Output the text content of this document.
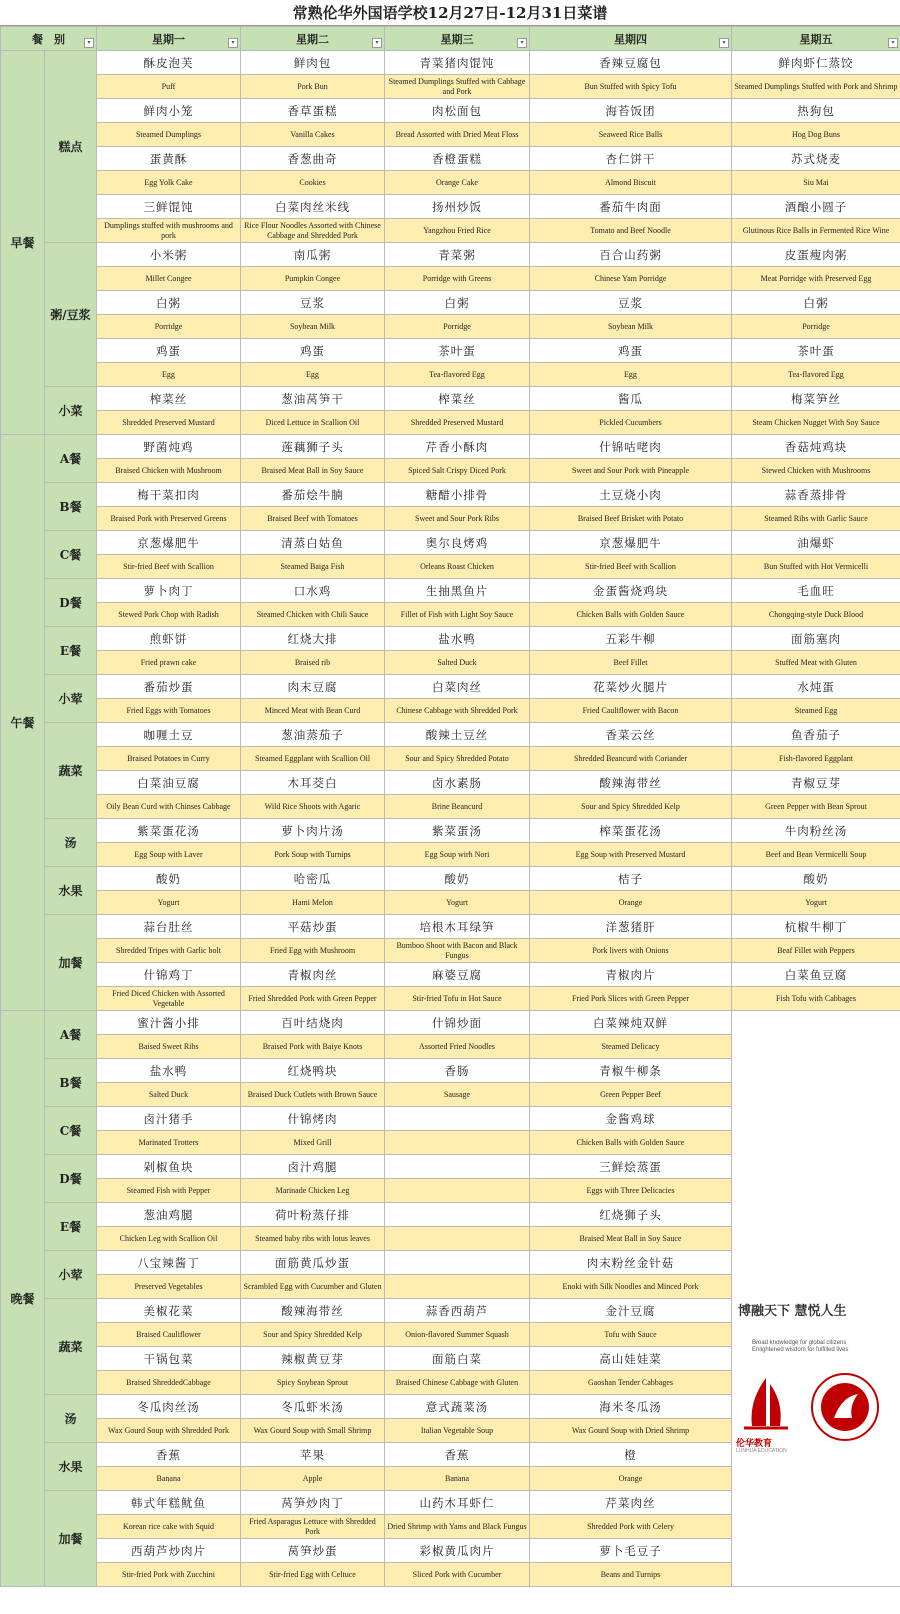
常熟伦华外国语学校12月27日-12月31日菜谱
餐　别 ▾		星期一 ▾	星期二 ▾	星期三 ▾	星期四 ▾	星期五 ▾

早餐	糕点	酥皮泡芙	鲜肉包	青菜猪肉馄饨	香辣豆腐包	鲜肉虾仁蒸饺
		Puff	Pork Bun	Steamed Dumplings Stuffed with Cabbage and Pork	Bun Stuffed with Spicy Tofu	Steamed Dumplings Stuffed with Pork and Shrimp
		鲜肉小笼	香草蛋糕	肉松面包	海苔饭团	热狗包
		Steamed Dumplings	Vanilla Cakes	Bread Assorted with Dried Meat Floss	Seaweed Rice Balls	Hog Dog Buns
		蛋黄酥	香葱曲奇	香橙蛋糕	杏仁饼干	苏式烧麦
		Egg Yolk Cake	Cookies	Orange Cake	Almond Biscuit	Siu Mai
		三鲜馄饨	白菜肉丝米线	扬州炒饭	番茄牛肉面	酒酿小圆子
		Dumplings stuffed with mushrooms and pork	Rice Flour Noodles Assorted with Chinese Cabbage and Shredded Pork	Yangzhou Fried Rice	Tomato and Beef Noodle	Glutinous Rice Balls in Fermented Rice Wine
	粥/豆浆	小米粥	南瓜粥	青菜粥	百合山药粥	皮蛋瘦肉粥
		Millet Congee	Pumpkin Congee	Porridge with Greens	Chinese Yam Porridge	Meat Porridge with Preserved Egg
		白粥	豆浆	白粥	豆浆	白粥
		Porridge	Soybean Milk	Porridge	Soybean Milk	Porridge
		鸡蛋	鸡蛋	茶叶蛋	鸡蛋	茶叶蛋
		Egg	Egg	Tea-flavored Egg	Egg	Tea-flavored Egg
	小菜	榨菜丝	葱油莴笋干	榨菜丝	酱瓜	梅菜笋丝
		Shredded Preserved Mustard	Diced Lettuce in Scallion Oil	Shredded Preserved Mustard	Pickled Cucumbers	Steam Chicken Nugget With Soy Sauce
午餐	A餐	野菌炖鸡	莲藕狮子头	芹香小酥肉	什锦咕咾肉	香菇炖鸡块
		Braised Chicken with Mushroom	Braised Meat Ball in Soy Sauce	Spiced Salt Crispy Diced Pork	Sweet and Sour Pork with Pineapple	Stewed Chicken with Mushrooms
	B餐	梅干菜扣肉	番茄烩牛腩	糖醋小排骨	土豆烧小肉	蒜香蒸排骨
		Braised Pork with Preserved Greens	Braised Beef with Tomatoes	Sweet and Sour Pork Ribs	Braised Beef Brisket with Potato	Steamed Ribs with Garlic Sauce
	C餐	京葱爆肥牛	清蒸白姑鱼	奥尔良烤鸡	京葱爆肥牛	油爆虾
		Stir-fried Beef with Scallion	Steamed Baiga Fish	Orleans Roast Chicken	Stir-fried Beef with Scallion	Bun Stuffed with Hot Vermicelli
	D餐	萝卜肉丁	口水鸡	生抽黑鱼片	金蛋酱烧鸡块	毛血旺
		Stewed Pork Chop with Radish	Steamed Chicken with Chili Sauce	Fillet of Fish with Light Soy Sauce	Chicken Balls with Golden Sauce	Chongqing-style Duck Blood
	E餐	煎虾饼	红烧大排	盐水鸭	五彩牛柳	面筋塞肉
		Fried prawn cake	Braised rib	Salted Duck	Beef Fillet	Stuffed Meat with Gluten
	小荤	番茄炒蛋	肉末豆腐	白菜肉丝	花菜炒火腿片	水炖蛋
		Fried Eggs with Tomatoes	Minced Meat with Bean Curd	Chinese Cabbage with Shredded Pork	Fried Cauliflower with Bacon	Steamed Egg
	蔬菜	咖喱土豆	葱油蒸茄子	酸辣土豆丝	香菜云丝	鱼香茄子
		Braised Potatoes in Curry	Steamed Eggplant with Scallion Oil	Sour and Spicy Shredded Potato	Shredded Beancurd with Coriander	Fish-flavored Eggplant
		白菜油豆腐	木耳茭白	卤水素肠	酸辣海带丝	青椒豆芽
		Oily Bean Curd with Chinses Cabbage	Wild Rice Shoots with Agaric	Brine Beancurd	Sour and Spicy Shredded Kelp	Green Pepper with Bean Sprout
	汤	紫菜蛋花汤	萝卜肉片汤	紫菜蛋汤	榨菜蛋花汤	牛肉粉丝汤
		Egg Soup with Laver	Pork Soup with Turnips	Egg Soup wirh Nori	Egg Soup with Preserved Mustard	Beef and Bean Vermicelli Soup
	水果	酸奶	哈密瓜	酸奶	桔子	酸奶
		Yogurt	Hami Melon	Yogurt	Orange	Yogurt
	加餐	蒜台肚丝	平菇炒蛋	培根木耳绿笋	洋葱猪肝	杭椒牛柳丁
		Shredded Tripes with Garlic bolt	Fried Egg with Mushroom	Bumboo Shoot with Bacon and Black Fungus	Pork livers with Onions	Beaf Fillet with Peppers
		什锦鸡丁	青椒肉丝	麻婆豆腐	青椒肉片	白菜鱼豆腐
		Fried Diced Chicken with Assorted Vegetable	Fried Shredded Pork with Green Pepper	Stir-fried Tofu in Hot Sauce	Fried Pork Slices with Green Pepper	Fish Tofu with Cabbages
晚餐	A餐	蜜汁酱小排	百叶结烧肉	什锦炒面	白菜辣炖双鲜	博融天下 慧悦人生
Broad knowledge for global citizens
Enlightened wisdom for fulfilled lives
伦华教育
LUNHUA EDUCATION

		Baised Sweet Ribs	Braised Pork with Baiye Knots	Assorted Fried Noodles	Steamed Delicacy	
	B餐	盐水鸭	红烧鸭块	香肠	青椒牛柳条	
		Salted Duck	Braised Duck Cutlets with Brown Sauce	Sausage	Green Pepper Beef	
	C餐	卤汁猪手	什锦烤肉		金酱鸡球	
		Marinated Trotters	Mixed Grill		Chicken Balls with Golden Sauce	
	D餐	剁椒鱼块	卤汁鸡腿		三鲜烩蒸蛋	
		Steamed Fish with Pepper	Marinade Chicken Leg		Eggs with Three Delicacies	
	E餐	葱油鸡腿	荷叶粉蒸仔排		红烧狮子头	
		Chicken Leg with Scallion Oil	Steamed baby ribs with lotus leaves		Braised Meat Ball in Soy Sauce	
	小荤	八宝辣酱丁	面筋黄瓜炒蛋		肉末粉丝金针菇	
		Preserved Vegetables	Scrambled Egg with Cucumber and Gluten		Enoki with Silk Noodles and Minced Pork	
	蔬菜	美椒花菜	酸辣海带丝	蒜香西葫芦	金汁豆腐	
		Braised Cauliflower	Sour and Spicy Shredded Kelp	Onion-flavored Summer Squash	Tofu with Sauce	
		干锅包菜	辣椒黄豆芽	面筋白菜	高山娃娃菜	
		Braised ShreddedCabbage	Spicy Soybean Sprout	Braised Chinese Cabbage with Gluten	Gaoshan Tender Cabbages	
	汤	冬瓜肉丝汤	冬瓜虾米汤	意式蔬菜汤	海米冬瓜汤	
		Wax Gourd Soup with Shredded Pork	Wax Gourd Soup with Small Shrimp	Italian Vegetable Soup	Wax Gourd Soup with Dried Shrimp	
	水果	香蕉	苹果	香蕉	橙	
		Banana	Apple	Banana	Orange	
	加餐	韩式年糕鱿鱼	莴笋炒肉丁	山药木耳虾仁	芹菜肉丝	
		Korean rice cake with Squid	Fried Asparagus Lettuce with Shredded Pork	Dried Shrimp with Yams and Black Fungus	Shredded Pork with Celery	
		西葫芦炒肉片	莴笋炒蛋	彩椒黄瓜肉片	萝卜毛豆子	
		Stir-fried Pork with Zucchini	Stir-fried Egg with Celtuce	Sliced Pork with Cucumber	Beans and Turnips	
